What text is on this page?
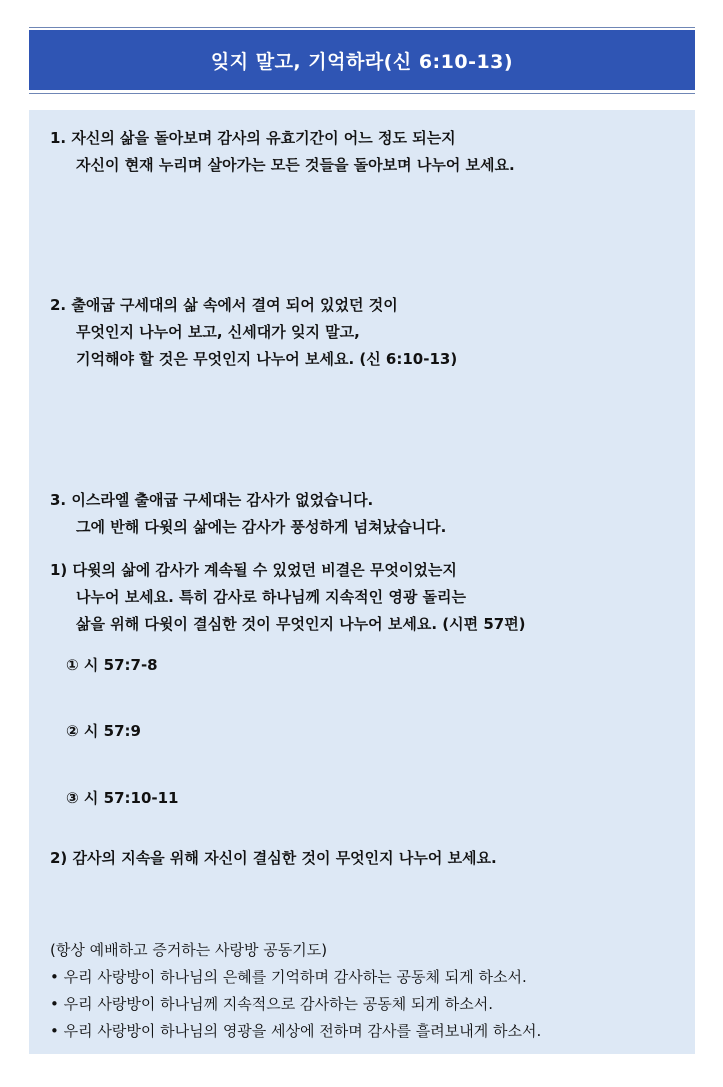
잊지 말고, 기억하라(신 6:10-13)
1. 자신의 삶을 돌아보며 감사의 유효기간이 어느 정도 되는지
자신이 현재 누리며 살아가는 모든 것들을 돌아보며 나누어 보세요.
2. 출애굽 구세대의 삶 속에서 결여 되어 있었던 것이
무엇인지 나누어 보고, 신세대가 잊지 말고,
기억해야 할 것은 무엇인지 나누어 보세요. (신 6:10-13)
3. 이스라엘 출애굽 구세대는 감사가 없었습니다.
그에 반해 다윗의 삶에는 감사가 풍성하게 넘쳐났습니다.
1) 다윗의 삶에 감사가 계속될 수 있었던 비결은 무엇이었는지
나누어 보세요. 특히 감사로 하나님께 지속적인 영광 돌리는
삶을 위해 다윗이 결심한 것이 무엇인지 나누어 보세요. (시편 57편)
① 시 57:7-8
② 시 57:9
③ 시 57:10-11
2) 감사의 지속을 위해 자신이 결심한 것이 무엇인지 나누어 보세요.
(항상 예배하고 증거하는 사랑방 공동기도)
• 우리 사랑방이 하나님의 은혜를 기억하며 감사하는 공동체 되게 하소서.
• 우리 사랑방이 하나님께 지속적으로 감사하는 공동체 되게 하소서.
• 우리 사랑방이 하나님의 영광을 세상에 전하며 감사를 흘려보내게 하소서.
